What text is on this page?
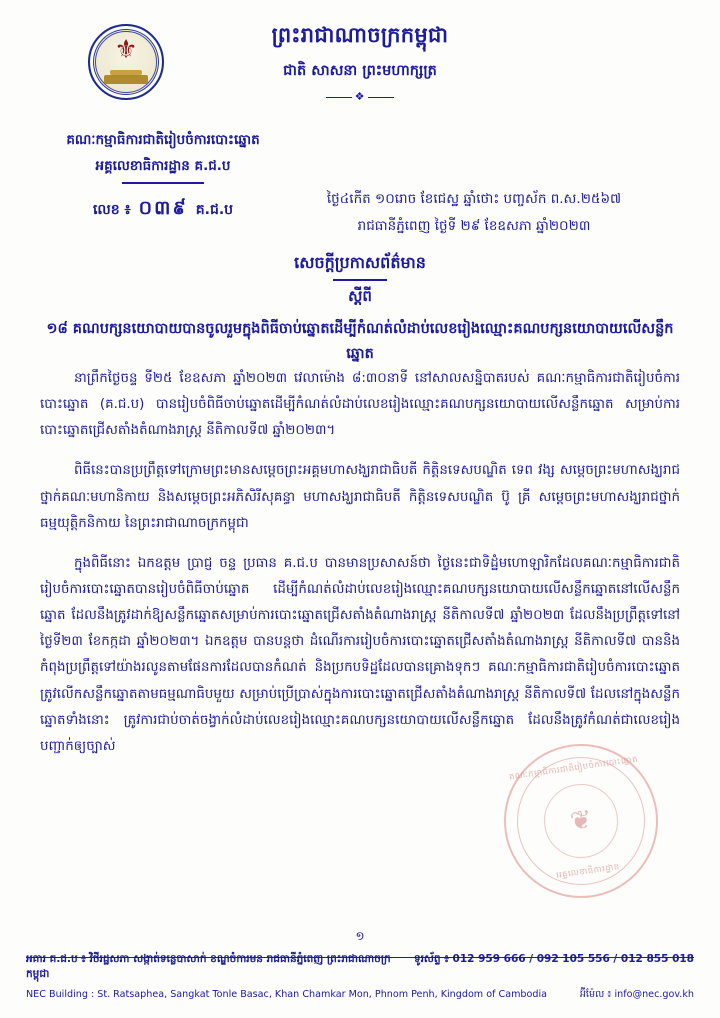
⚜	ព្រះរាជាណាចក្រកម្ពុជា
ជាតិ សាសនា ព្រះមហាក្សត្រ
❖
គណៈកម្មាធិការជាតិរៀបចំការបោះឆ្នោត
អគ្គលេខាធិការដ្ឋាន គ.ជ.ប
លេខ ៖ ០៣៩ គ.ជ.ប
ថ្ងៃ៤កើត ១០រោច ខែជេស្ឋ ឆ្នាំថោះ បញ្ចស័ក ព.ស.២៥៦៧
រាជធានីភ្នំពេញ ថ្ងៃទី ២៩ ខែឧសភា ឆ្នាំ២០២៣
សេចក្តីប្រកាសព័ត៌មាន
ស្តីពី
១៨ គណបក្សនយោបាយបានចូលរួមក្នុងពិធីចាប់ឆ្នោតដើម្បីកំណត់លំដាប់លេខរៀងឈ្មោះគណបក្សនយោបាយលើសន្លឹកឆ្នោត

នាព្រឹកថ្ងៃចន្ទ ទី២៥ ខែឧសភា ឆ្នាំ២០២៣ វេលាម៉ោង ៨:៣០នាទី នៅសាលសន្និបាតរបស់ គណៈកម្មាធិការជាតិរៀបចំការបោះឆ្នោត (គ.ជ.ប) បានរៀបចំពិធីចាប់ឆ្នោតដើម្បីកំណត់លំដាប់លេខរៀងឈ្មោះគណបក្សនយោបាយលើសន្លឹកឆ្នោត សម្រាប់ការបោះឆ្នោតជ្រើសតាំងតំណាងរាស្ត្រ នីតិកាលទី៧ ឆ្នាំ២០២៣។

ពិធីនេះបានប្រព្រឹត្តទៅក្រោមព្រះមានសម្តេចព្រះអគ្គមហាសង្ឃរាជាធិបតី កិត្តិនទេសបណ្ឌិត ទេព វង្ស សម្តេចព្រះមហាសង្ឃរាជថ្នាក់គណៈមហានិកាយ និងសម្តេចព្រះអភិសិរីសុគន្ធា មហាសង្ឃរាជាធិបតី កិត្តិនទេសបណ្ឌិត ប៊ូ គ្រី សម្តេចព្រះមហាសង្ឃរាជថ្នាក់ធម្មយុត្តិកនិកាយ នៃព្រះរាជាណាចក្រកម្ពុជា

ក្នុងពិធីនោះ ឯកឧត្តម ប្រាជ្ញ ចន្ទ ប្រធាន គ.ជ.ប បានមានប្រសាសន៍ថា ថ្ងៃនេះជាទិដ្ឋំមហោឡារិកដែលគណៈកម្មាធិការជាតិរៀបចំការបោះឆ្នោតបានរៀបចំពិធីចាប់ឆ្នោត ដើម្បីកំណត់លំដាប់លេខរៀងឈ្មោះគណបក្សនយោបាយលើសន្លឹកឆ្នោតនៅលើសន្លឹកឆ្នោត ដែលនឹងត្រូវដាក់ឱ្យសន្លឹកឆ្នោតសម្រាប់ការបោះឆ្នោតជ្រើសតាំងតំណាងរាស្ត្រ នីតិកាលទី៧ ឆ្នាំ២០២៣ ដែលនឹងប្រព្រឹត្តទៅនៅថ្ងៃទី២៣ ខែកក្កដា ឆ្នាំ២០២៣។ ឯកឧត្តម បានបន្តថា ដំណើរការរៀបចំការបោះឆ្នោតជ្រើសតាំងតំណាងរាស្ត្រ នីតិកាលទី៧ បាននិងកំពុងប្រព្រឹត្តទៅយ៉ាងរលូនតាមផែនការដែលបានកំណត់ និងប្រកបទិដ្ឋដែលបានគ្រោងទុកៗ គណៈកម្មាធិការជាតិរៀបចំការបោះឆ្នោត ត្រូវលើកសន្លឹកឆ្នោតតាមធម្មណាធិបមួយ សម្រាប់ប្រើប្រាស់ក្នុងការបោះឆ្នោតជ្រើសតាំងតំណាងរាស្ត្រ នីតិកាលទី៧ ដែលនៅក្នុងសន្លឹកឆ្នោតទាំងនោះ ត្រូវការជាប់ចាត់ចង្វាក់លំដាប់លេខរៀងឈ្មោះគណបក្សនយោបាយលើសន្លឹកឆ្នោត ដែលនឹងត្រូវកំណត់ជាលេខរៀងបញ្ជាក់ឲ្យច្បាស់

គណៈកម្មាធិការជាតិរៀបចំការបោះឆ្នោត
អគ្គលេខាធិការដ្ឋាន
❦
១
អគារ គ.ជ.ប ៖ វិថីរដ្ឋសភា សង្កាត់ទន្លេបាសាក់ ខណ្ឌចំការមន រាជធានីភ្នំពេញ ព្រះរាជាណាចក្រកម្ពុជា
ទូរស័ព្ទ ៖ 012 959 666 / 092 105 556 / 012 855 018
NEC Building : St. Ratsaphea, Sangkat Tonle Basac, Khan Chamkar Mon, Phnom Penh, Kingdom of Cambodia	អ៊ីម៉ែល ៖ info@nec.gov.kh
